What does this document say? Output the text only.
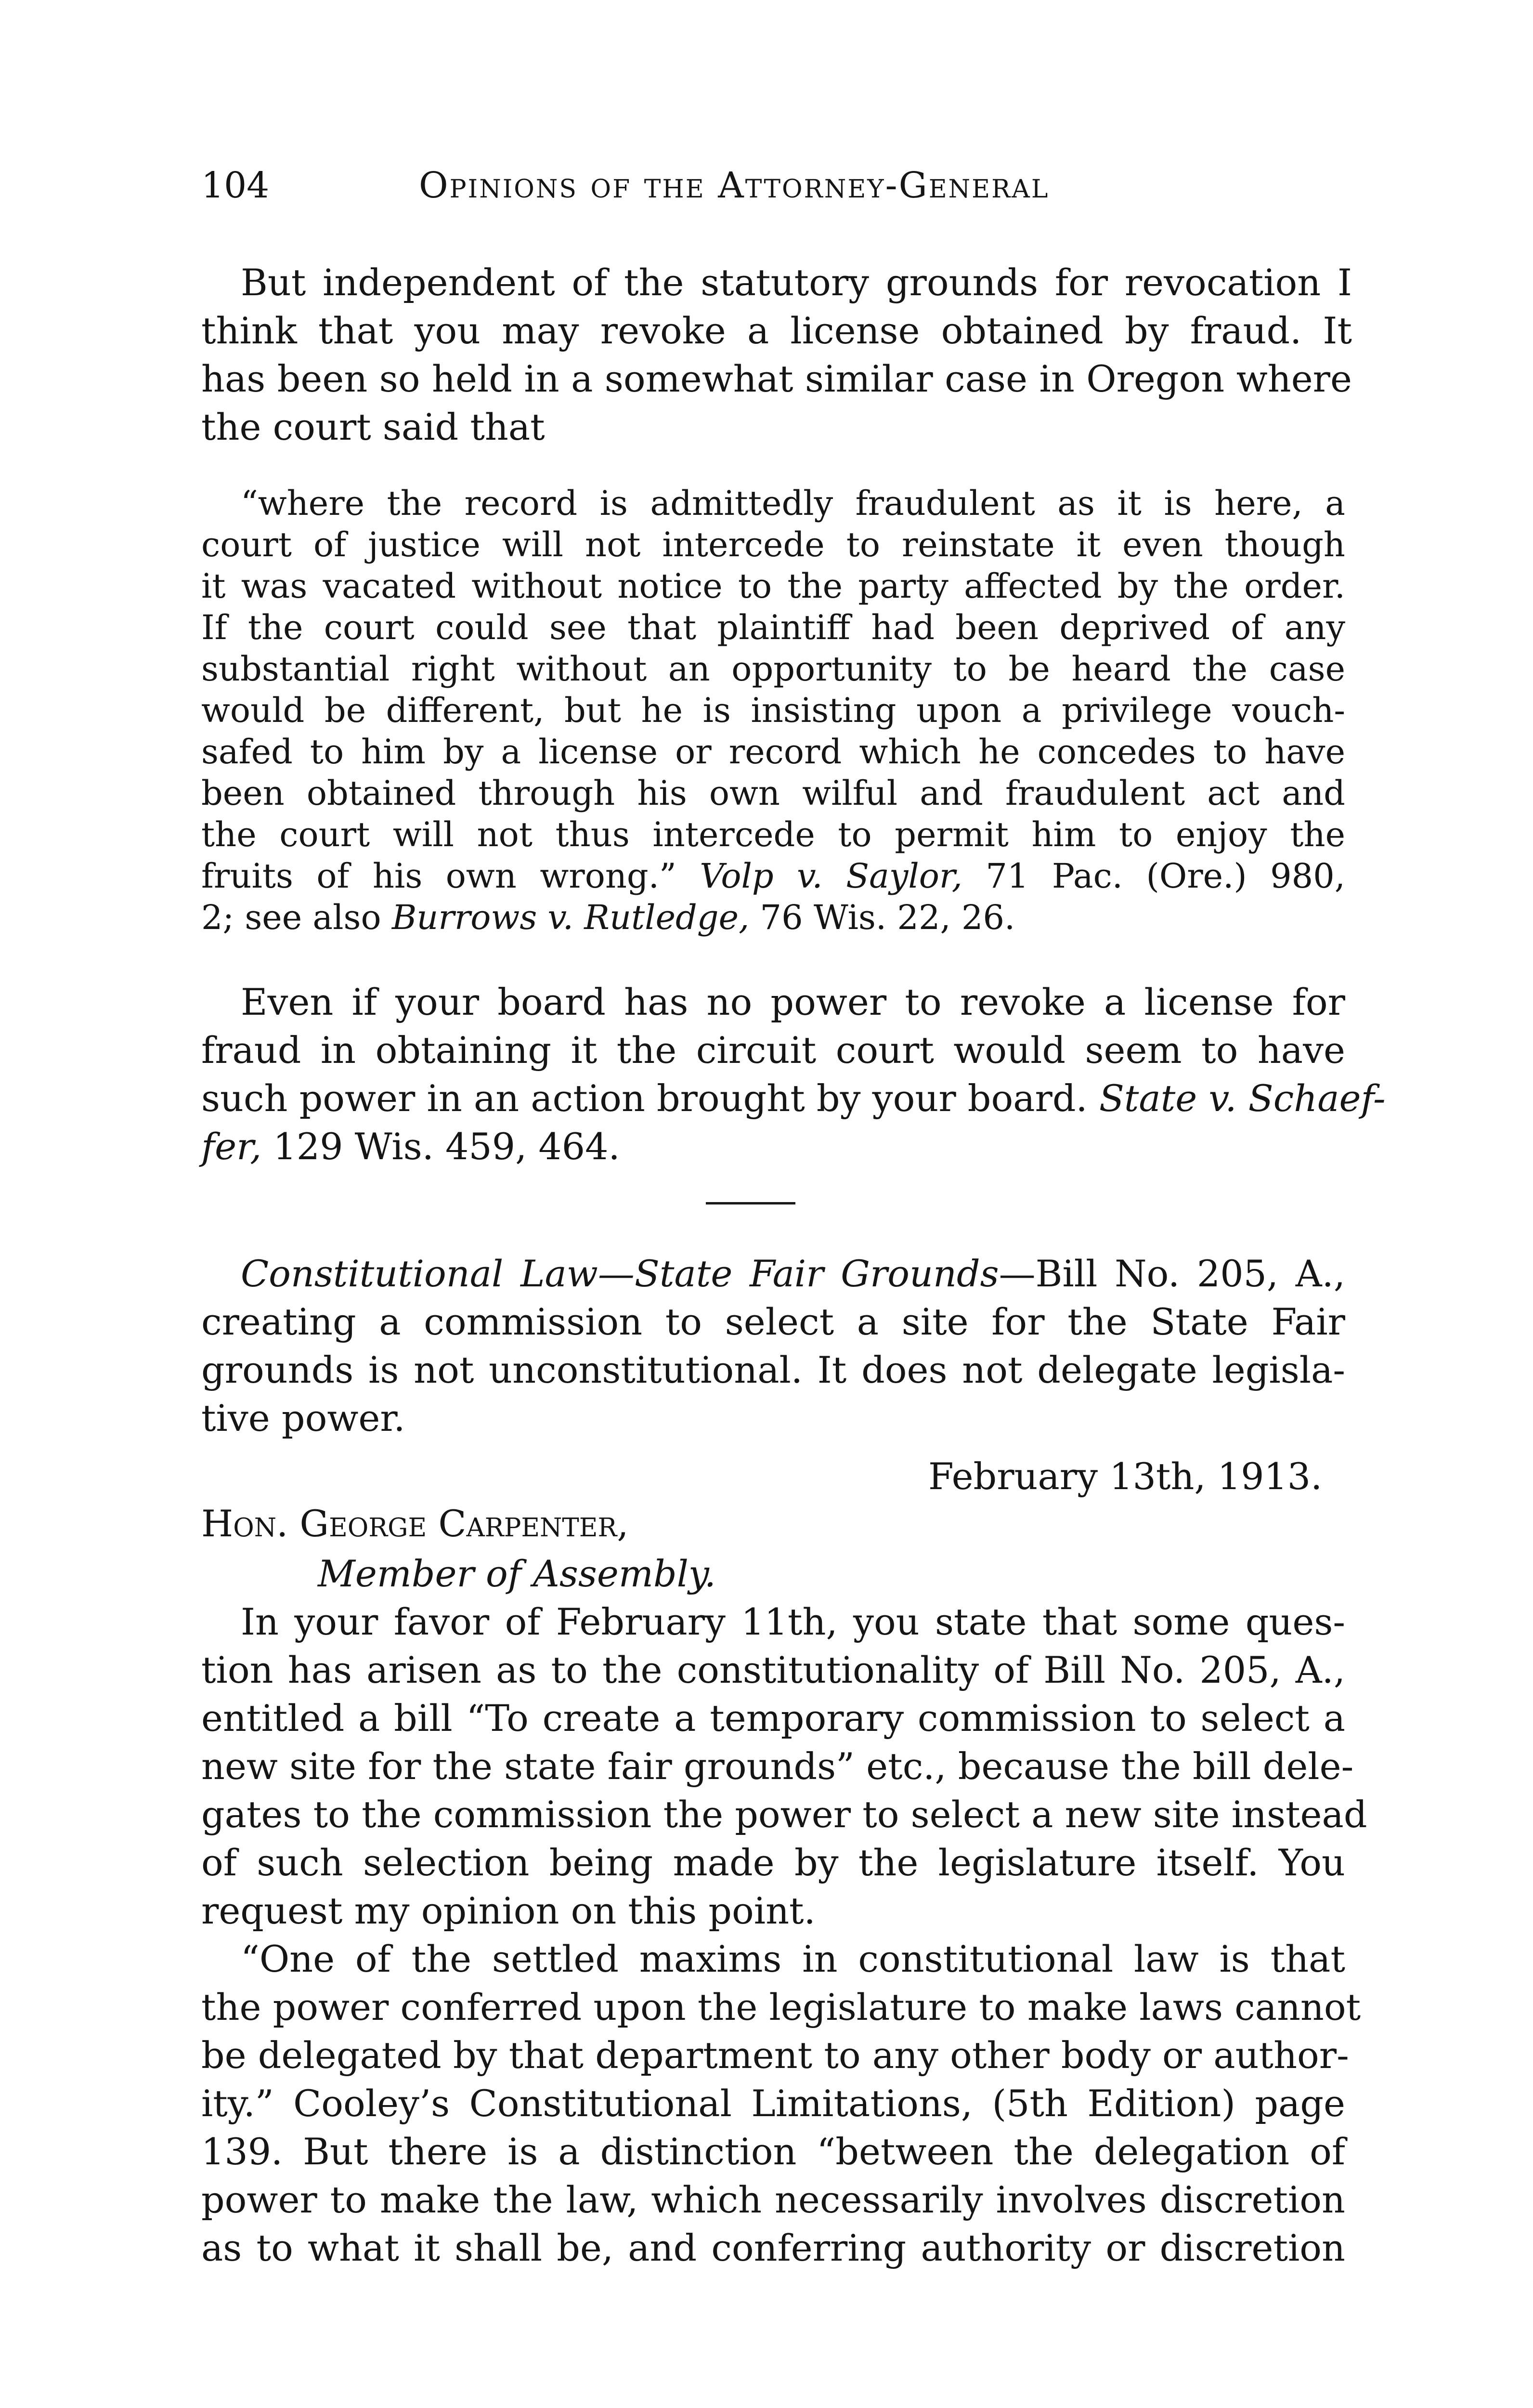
104	Opinions of the Attorney-General
But independent of the statutory grounds for revocation I
think that you may revoke a license obtained by fraud. It
has been so held in a somewhat similar case in Oregon where
the court said that
“where the record is admittedly fraudulent as it is here, a
court of justice will not intercede to reinstate it even though
it was vacated without notice to the party affected by the order.
If the court could see that plaintiff had been deprived of any
substantial right without an opportunity to be heard the case
would be different, but he is insisting upon a privilege vouch-
safed to him by a license or record which he concedes to have
been obtained through his own wilful and fraudulent act and
the court will not thus intercede to permit him to enjoy the
fruits of his own wrong.” Volp v. Saylor, 71 Pac. (Ore.) 980,
2; see also Burrows v. Rutledge, 76 Wis. 22, 26.
Even if your board has no power to revoke a license for
fraud in obtaining it the circuit court would seem to have
such power in an action brought by your board. State v. Schaef-
fer, 129 Wis. 459, 464.
Constitutional Law—State Fair Grounds—Bill No. 205, A.,
creating a commission to select a site for the State Fair
grounds is not unconstitutional. It does not delegate legisla-
tive power.
February 13th, 1913.
Hon. George Carpenter,
Member of Assembly.
In your favor of February 11th, you state that some ques-
tion has arisen as to the constitutionality of Bill No. 205, A.,
entitled a bill “To create a temporary commission to select a
new site for the state fair grounds” etc., because the bill dele-
gates to the commission the power to select a new site instead
of such selection being made by the legislature itself. You
request my opinion on this point.
“One of the settled maxims in constitutional law is that
the power conferred upon the legislature to make laws cannot
be delegated by that department to any other body or author-
ity.” Cooley’s Constitutional Limitations, (5th Edition) page
139. But there is a distinction “between the delegation of
power to make the law, which necessarily involves discretion
as to what it shall be, and conferring authority or discretion
